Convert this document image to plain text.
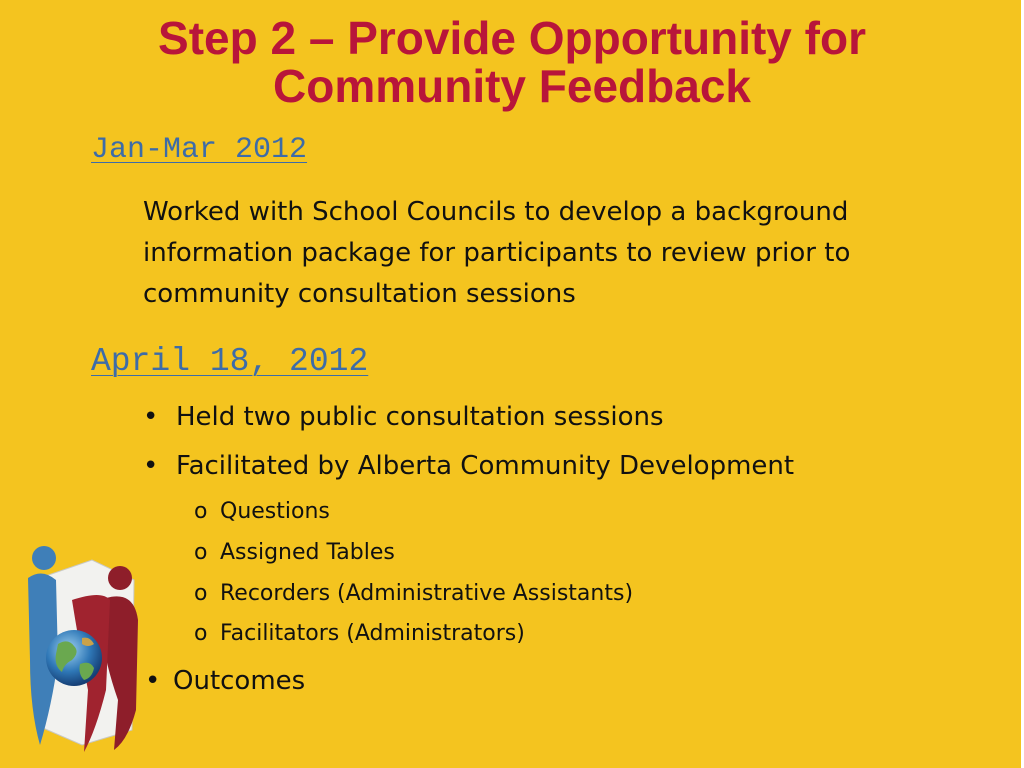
Step 2 – Provide Opportunity for
Community Feedback
Jan-Mar 2012

Worked with School Councils to develop a background
information package for participants to review prior to
community consultation sessions

April 18, 2012
• Held two public consultation sessions
• Facilitated by Alberta Community Development
o Questions
o Assigned Tables
o Recorders (Administrative Assistants)
o Facilitators (Administrators)
• Outcomes
